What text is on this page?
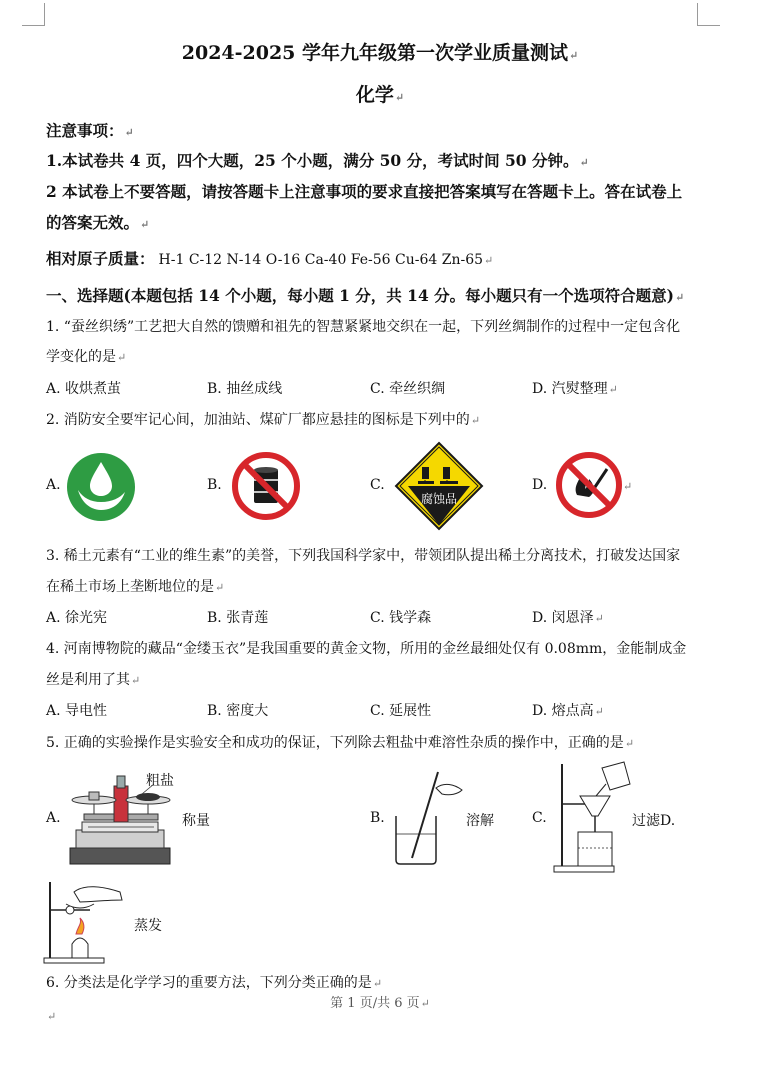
2024-2025 学年九年级第一次学业质量测试↵
化学↵
注意事项：↵
1.本试卷共 4 页，四个大题，25 个小题，满分 50 分，考试时间 50 分钟。↵
2 本试卷上不要答题，请按答题卡上注意事项的要求直接把答案填写在答题卡上。答在试卷上
的答案无效。↵
相对原子质量： H-1 C-12 N-14 O-16 Ca-40 Fe-56 Cu-64 Zn-65↵
一、选择题(本题包括 14 个小题，每小题 1 分，共 14 分。每小题只有一个选项符合题意)↵
1. “蚕丝织绣”工艺把大自然的馈赠和祖先的智慧紧紧地交织在一起，下列丝绸制作的过程中一定包含化
学变化的是↵
A. 收烘煮茧	B. 抽丝成线	C. 牵丝织绸	D. 汽熨整理↵
2. 消防安全要牢记心间，加油站、煤矿厂都应悬挂的图标是下列中的↵
A.	B.	C.	D.	↵
腐蚀品
3. 稀土元素有“工业的维生素”的美誉，下列我国科学家中，带领团队提出稀土分离技术，打破发达国家
在稀土市场上垄断地位的是↵
A. 徐光宪	B. 张青莲	C. 钱学森	D. 闵恩泽↵
4. 河南博物院的藏品“金缕玉衣”是我国重要的黄金文物，所用的金丝最细处仅有 0.08mm，金能制成金
丝是利用了其↵
A. 导电性	B. 密度大	C. 延展性	D. 熔点高↵
5. 正确的实验操作是实验安全和成功的保证，下列除去粗盐中难溶性杂质的操作中，正确的是↵
A.
粗盐
称量	B.	溶解	C.	过滤D.
蒸发
6. 分类法是化学学习的重要方法，下列分类正确的是↵
第 1 页/共 6 页↵
↵
